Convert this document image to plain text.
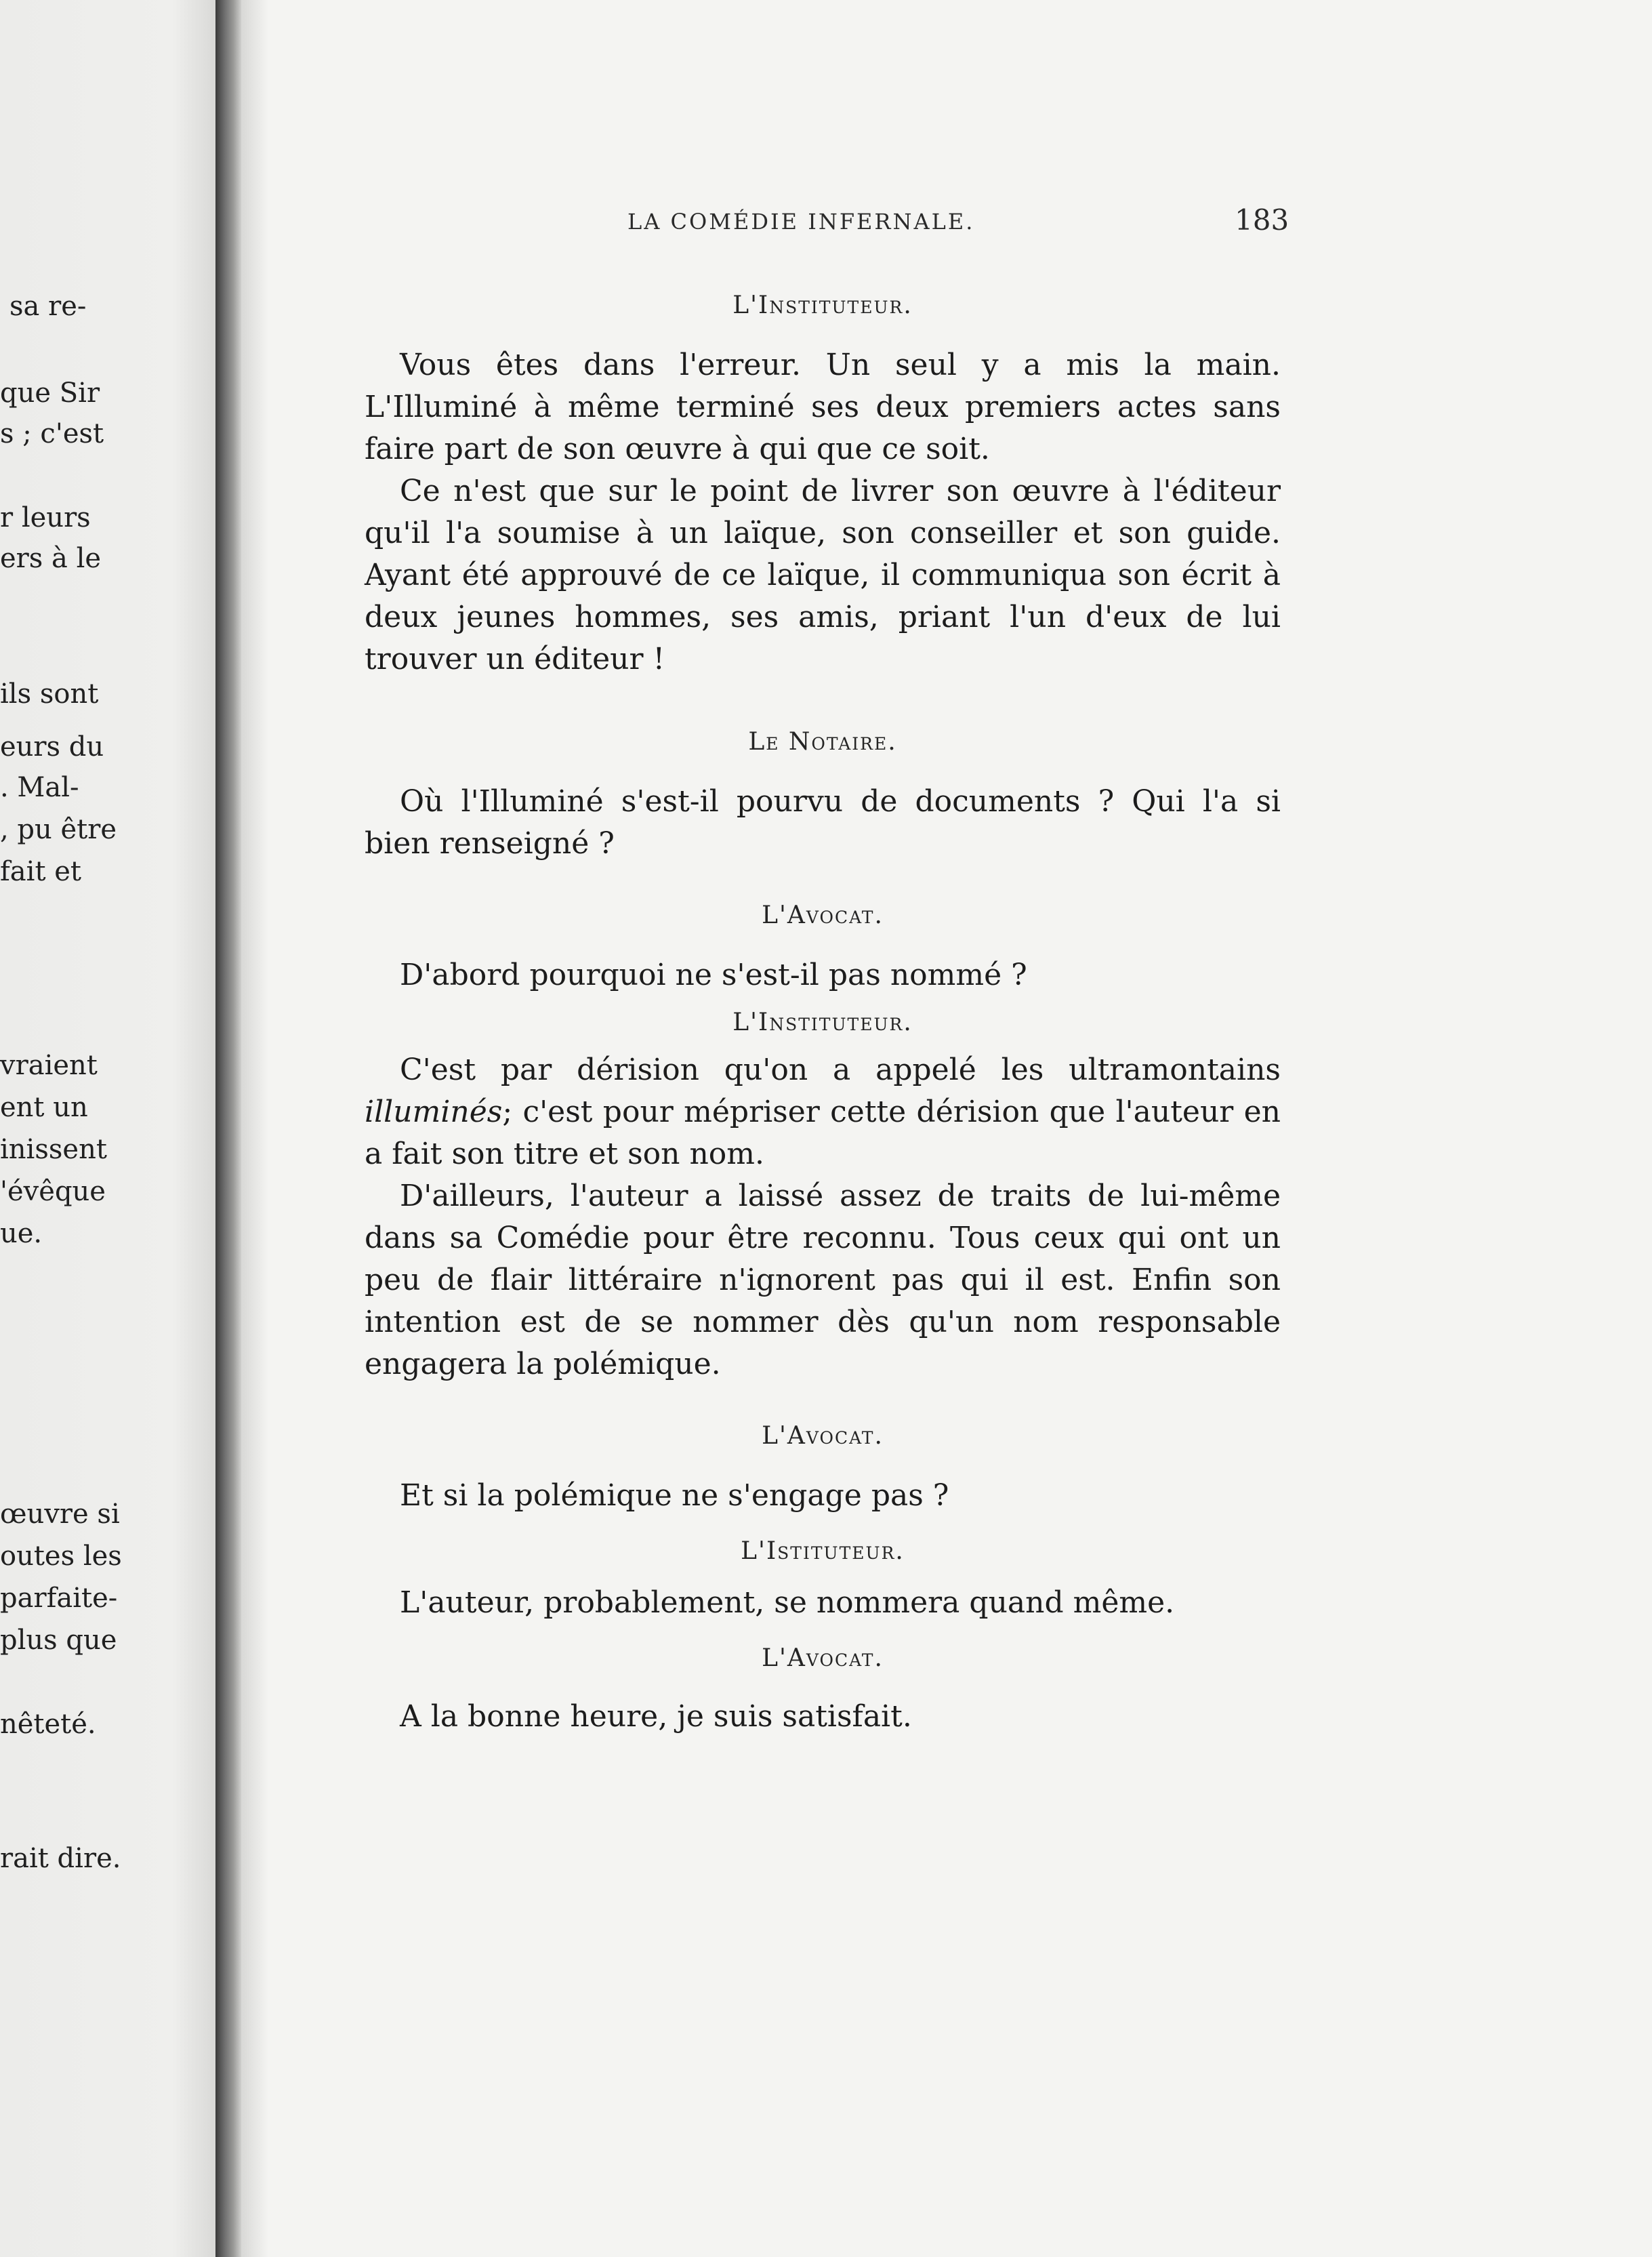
sa re-
que Sir
s ; c'est
r leurs
ers à le
ils sont
eurs du
. Mal-
, pu être
fait et
vraient
ent un
inissent
'évêque
ue.
œuvre si
outes les
parfaite-
plus que
nêteté.
rait dire.
LA COMÉDIE INFERNALE.	183
L'Instituteur.

Vous êtes dans l'erreur. Un seul y a mis la main. L'Illuminé à même terminé ses deux premiers actes sans faire part de son œuvre à qui que ce soit.

Ce n'est que sur le point de livrer son œuvre à l'éditeur qu'il l'a soumise à un laïque, son conseiller et son guide. Ayant été approuvé de ce laïque, il communiqua son écrit à deux jeunes hommes, ses amis, priant l'un d'eux de lui trouver un éditeur !

Le Notaire.

Où l'Illuminé s'est-il pourvu de documents ? Qui l'a si bien renseigné ?

L'Avocat.

D'abord pourquoi ne s'est-il pas nommé ?

L'Instituteur.

C'est par dérision qu'on a appelé les ultramontains illuminés; c'est pour mépriser cette dérision que l'auteur en a fait son titre et son nom.

D'ailleurs, l'auteur a laissé assez de traits de lui-même dans sa Comédie pour être reconnu. Tous ceux qui ont un peu de flair littéraire n'ignorent pas qui il est. Enfin son intention est de se nommer dès qu'un nom responsable engagera la polémique.

L'Avocat.

Et si la polémique ne s'engage pas ?

L'Istituteur.

L'auteur, probablement, se nommera quand même.

L'Avocat.

A la bonne heure, je suis satisfait.
